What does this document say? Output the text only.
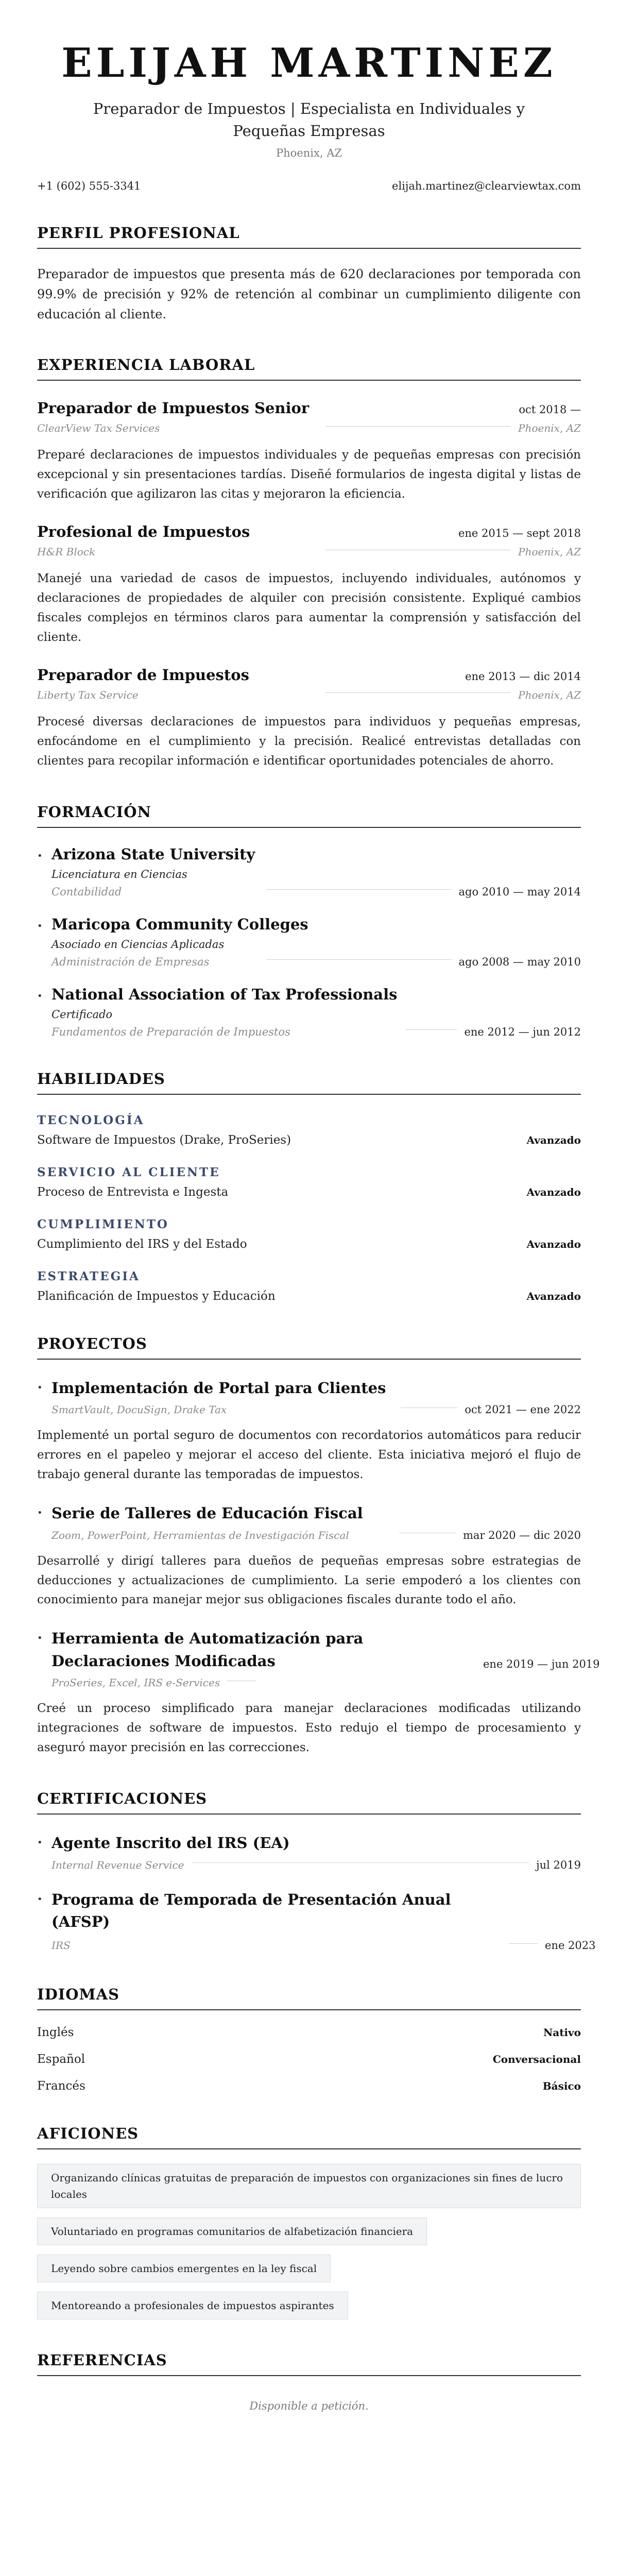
ELIJAH MARTINEZ
Preparador de Impuestos | Especialista en Individuales y Pequeñas Empresas
Phoenix, AZ
+1 (602) 555-3341	elijah.martinez@clearviewtax.com
PERFIL PROFESIONAL

Preparador de impuestos que presenta más de 620 declaraciones por temporada con 99.9% de precisión y 92% de retención al combinar un cumplimiento diligente con educación al cliente.

EXPERIENCIA LABORAL
Preparador de Impuestos Senior	oct 2018 —
ClearView Tax Services	Phoenix, AZ

Preparé declaraciones de impuestos individuales y de pequeñas empresas con precisión excepcional y sin presentaciones tardías. Diseñé formularios de ingesta digital y listas de verificación que agilizaron las citas y mejoraron la eficiencia.

Profesional de Impuestos	ene 2015 — sept 2018
H&R Block	Phoenix, AZ

Manejé una variedad de casos de impuestos, incluyendo individuales, autónomos y declaraciones de propiedades de alquiler con precisión consistente. Expliqué cambios fiscales complejos en términos claros para aumentar la comprensión y satisfacción del cliente.

Preparador de Impuestos	ene 2013 — dic 2014
Liberty Tax Service	Phoenix, AZ

Procesé diversas declaraciones de impuestos para individuos y pequeñas empresas, enfocándome en el cumplimiento y la precisión. Realicé entrevistas detalladas con clientes para recopilar información e identificar oportunidades potenciales de ahorro.

FORMACIÓN
• Arizona State University
Licenciatura en Ciencias
Contabilidad	ago 2010 — may 2014
• Maricopa Community Colleges
Asociado en Ciencias Aplicadas
Administración de Empresas	ago 2008 — may 2010
• National Association of Tax Professionals
Certificado
Fundamentos de Preparación de Impuestos	ene 2012 — jun 2012
HABILIDADES
TECNOLOGÍA
Software de Impuestos (Drake, ProSeries)	Avanzado
SERVICIO AL CLIENTE
Proceso de Entrevista e Ingesta	Avanzado
CUMPLIMIENTO
Cumplimiento del IRS y del Estado	Avanzado
ESTRATEGIA
Planificación de Impuestos y Educación	Avanzado
PROYECTOS
• Implementación de Portal para Clientes
SmartVault, DocuSign, Drake Tax	oct 2021 — ene 2022

Implementé un portal seguro de documentos con recordatorios automáticos para reducir errores en el papeleo y mejorar el acceso del cliente. Esta iniciativa mejoró el flujo de trabajo general durante las temporadas de impuestos.

• Serie de Talleres de Educación Fiscal
Zoom, PowerPoint, Herramientas de Investigación Fiscal	mar 2020 — dic 2020

Desarrollé y dirigí talleres para dueños de pequeñas empresas sobre estrategias de deducciones y actualizaciones de cumplimiento. La serie empoderó a los clientes con conocimiento para manejar mejor sus obligaciones fiscales durante todo el año.

• Herramienta de Automatización para Declaraciones Modificadas	ene 2019 — jun 2019
ProSeries, Excel, IRS e-Services

Creé un proceso simplificado para manejar declaraciones modificadas utilizando integraciones de software de impuestos. Esto redujo el tiempo de procesamiento y aseguró mayor precisión en las correcciones.

CERTIFICACIONES
• Agente Inscrito del IRS (EA)
Internal Revenue Service	jul 2019
• Programa de Temporada de Presentación Anual (AFSP)
IRS	ene 2023
IDIOMAS
Inglés	Nativo
Español	Conversacional
Francés	Básico
AFICIONES
Organizando clínicas gratuitas de preparación de impuestos con organizaciones sin fines de lucro locales
Voluntariado en programas comunitarios de alfabetización financiera
Leyendo sobre cambios emergentes en la ley fiscal
Mentoreando a profesionales de impuestos aspirantes
REFERENCIAS

Disponible a petición.
